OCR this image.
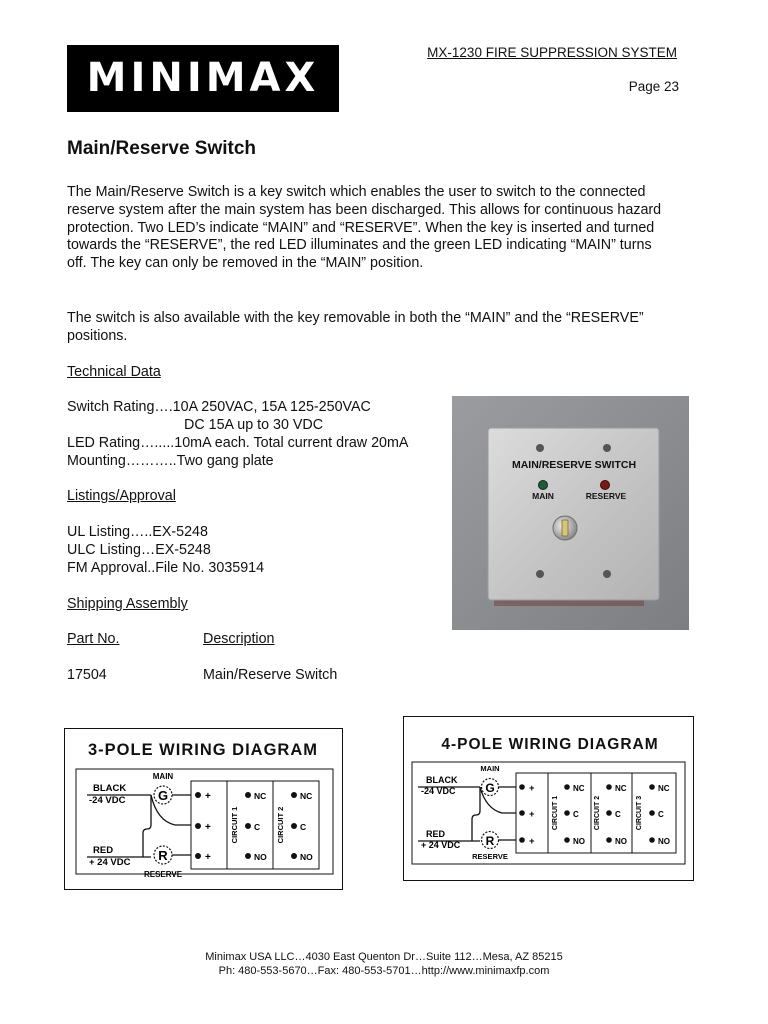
MINIMAX
MX-1230 FIRE SUPPRESSION SYSTEM
Page 23
Main/Reserve Switch

The Main/Reserve Switch is a key switch which enables the user to switch to the connected reserve system after the main system has been discharged. This allows for continuous hazard protection. Two LED’s indicate “MAIN” and “RESERVE”. When the key is inserted and turned towards the “RESERVE”, the red LED illuminates and the green LED indicating “MAIN” turns off. The key can only be removed in the “MAIN” position.

The switch is also available with the key removable in both the “MAIN” and the “RESERVE” positions.

Technical Data
Switch Rating….10A 250VAC, 15A 125-250VAC
DC 15A up to 30 VDC
LED Rating….....10mA each. Total current draw 20mA
Mounting………..Two gang plate
Listings/Approval
UL Listing…..EX-5248
ULC Listing…EX-5248
FM Approval..File No. 3035914
Shipping Assembly
Part No.	Description
17504	Main/Reserve Switch
MAIN/RESERVE SWITCH
MAIN	RESERVE
3-POLE WIRING DIAGRAM
MAIN
BLACK
-24 VDC
RED
+ 24 VDC
RESERVE
G
R
+
+
+
CIRCUIT 1
NC
C
NO
CIRCUIT 2
NC
C
NO
4-POLE WIRING DIAGRAM
MAIN
BLACK
-24 VDC
RED
+ 24 VDC
RESERVE
G
R
+
+
+
CIRCUIT 1
NC
C
NO
CIRCUIT 2
NC
C
NO
CIRCUIT 3
NC
C
NO
Minimax USA LLC…4030 East Quenton Dr…Suite 112…Mesa, AZ 85215
Ph: 480-553-5670…Fax: 480-553-5701…http://www.minimaxfp.com
